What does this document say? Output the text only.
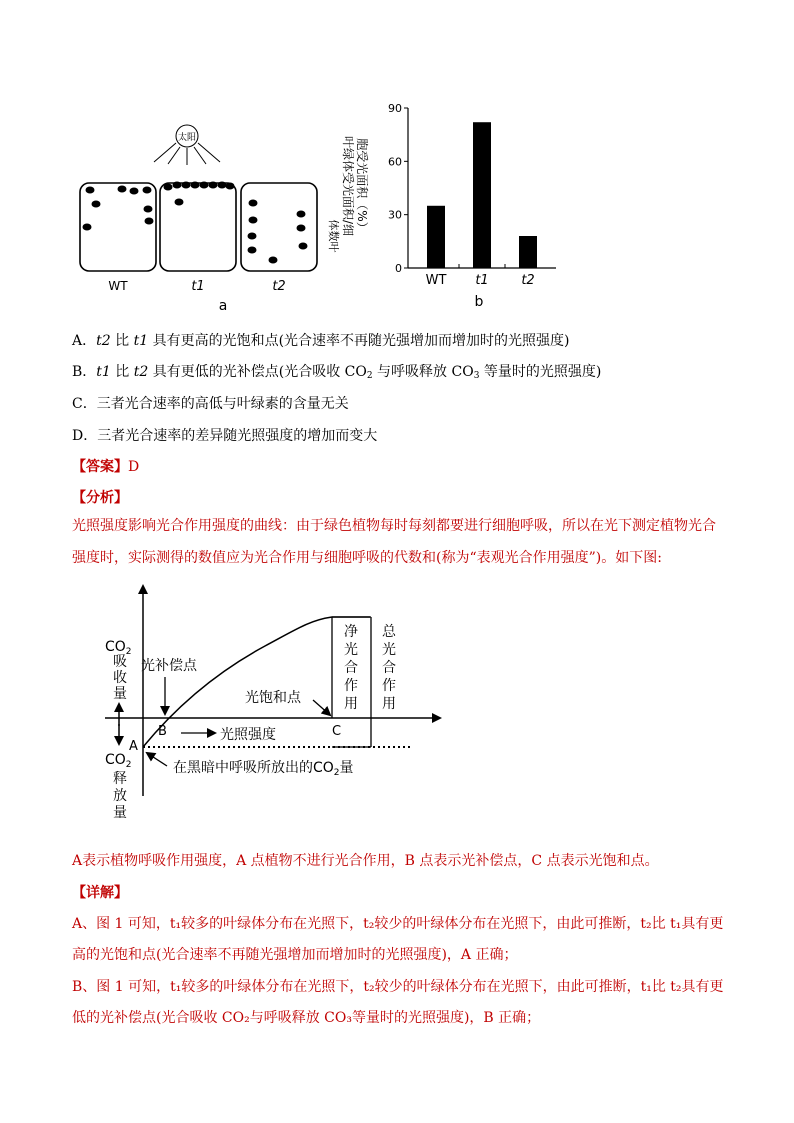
太阳
WT	t1	t2
a
体数叶 叶绿体受光面积/细 胞受光面积（%）
0
30
60
90
WT t1	t2
b
A．t2 比 t1 具有更高的光饱和点(光合速率不再随光强增加而增加时的光照强度)
B．t1 比 t2 具有更低的光补偿点(光合吸收 $CO_2$ 与呼吸释放 $CO_3$ 等量时的光照强度)
C．三者光合速率的高低与叶绿素的含量无关
D．三者光合速率的差异随光照强度的增加而变大
【答案】D
【分析】
光照强度影响光合作用强度的曲线：由于绿色植物每时每刻都要进行细胞呼吸，所以在光下测定植物光合强度时，实际测得的数值应为光合作用与细胞呼吸的代数和(称为“表观光合作用强度”)。如下图:
净
光
合
作
用
总
光
合
作
用
$CO_2$
吸
收
量
$CO_2$
释
放
量
A
B	C
光补偿点
光饱和点
光照强度
在黑暗中呼吸所放出的$CO_2$量
A表示植物呼吸作用强度，A 点植物不进行光合作用，B 点表示光补偿点，C 点表示光饱和点。
【详解】
A、图 1 可知，t₁较多的叶绿体分布在光照下，t₂较少的叶绿体分布在光照下，由此可推断，t₂比 t₁具有更
高的光饱和点(光合速率不再随光强增加而增加时的光照强度)，A 正确；
B、图 1 可知，t₁较多的叶绿体分布在光照下，t₂较少的叶绿体分布在光照下，由此可推断，t₁比 t₂具有更
低的光补偿点(光合吸收 CO₂与呼吸释放 CO₃等量时的光照强度)，B 正确；
